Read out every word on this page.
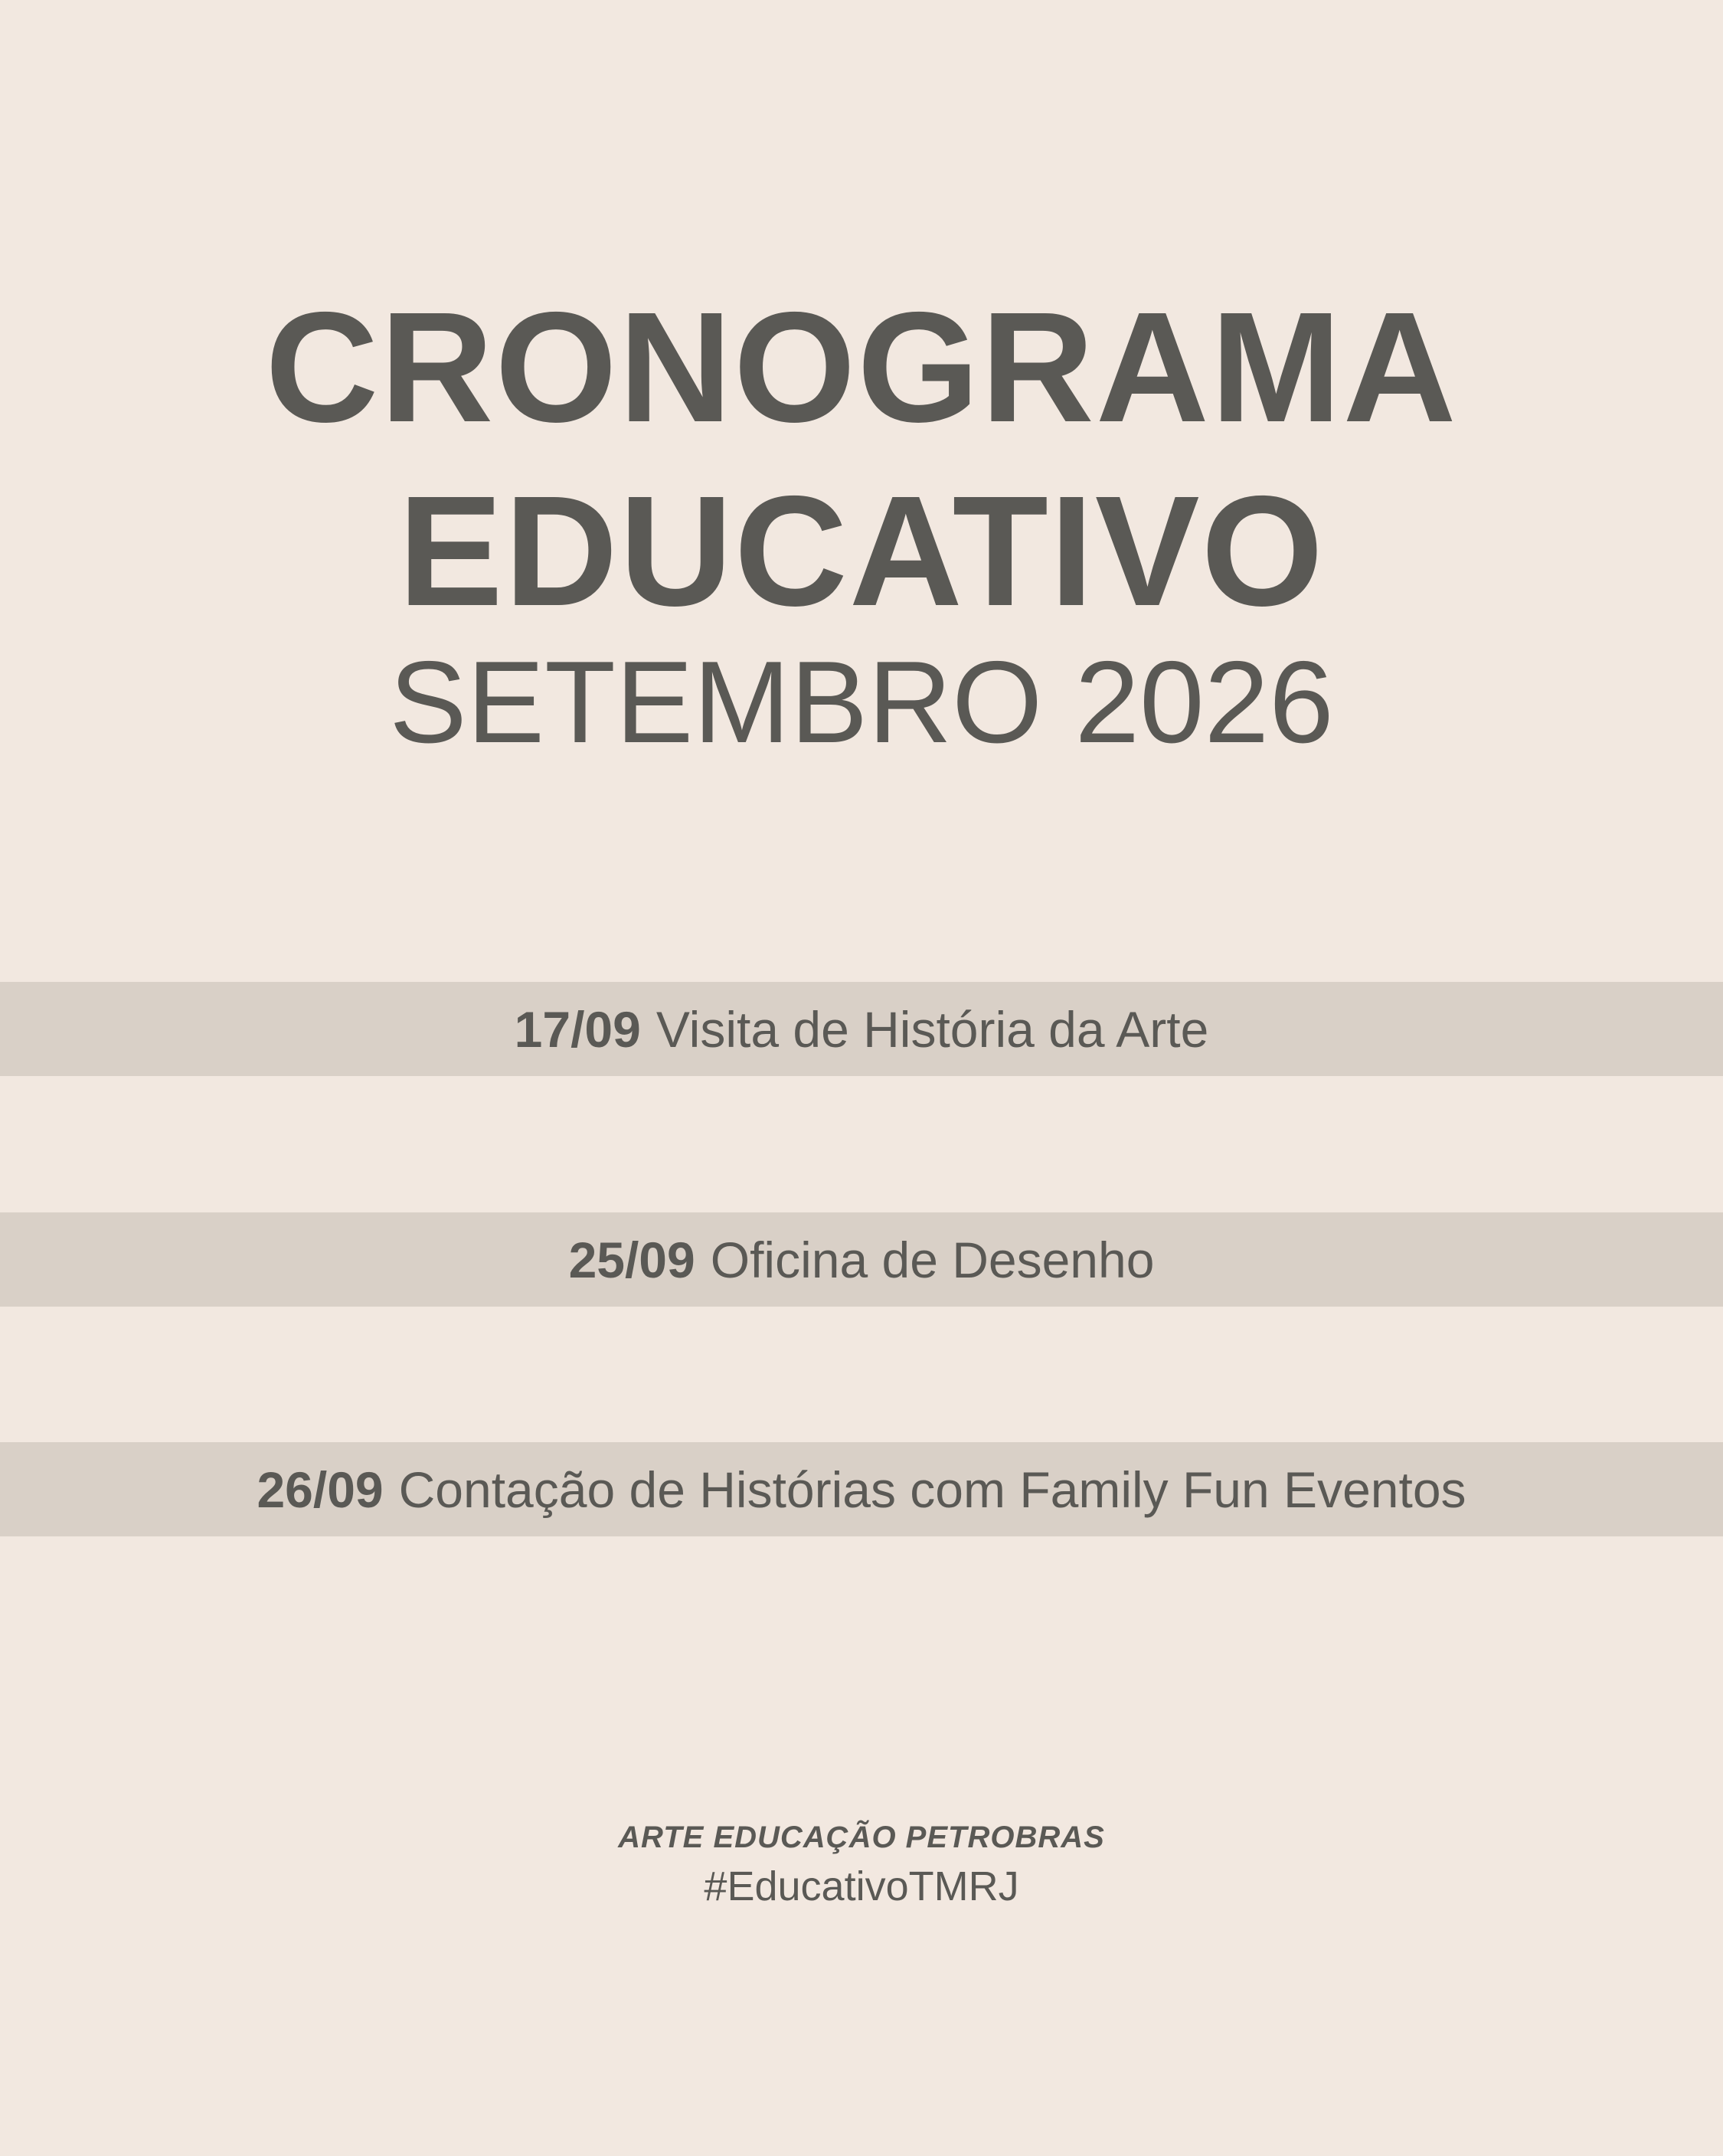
CRONOGRAMA
EDUCATIVO
SETEMBRO 2026
17/09 Visita de História da Arte
25/09 Oficina de Desenho
26/09 Contação de Histórias com Family Fun Eventos
ARTE EDUCAÇÃO PETROBRAS
#EducativoTMRJ
